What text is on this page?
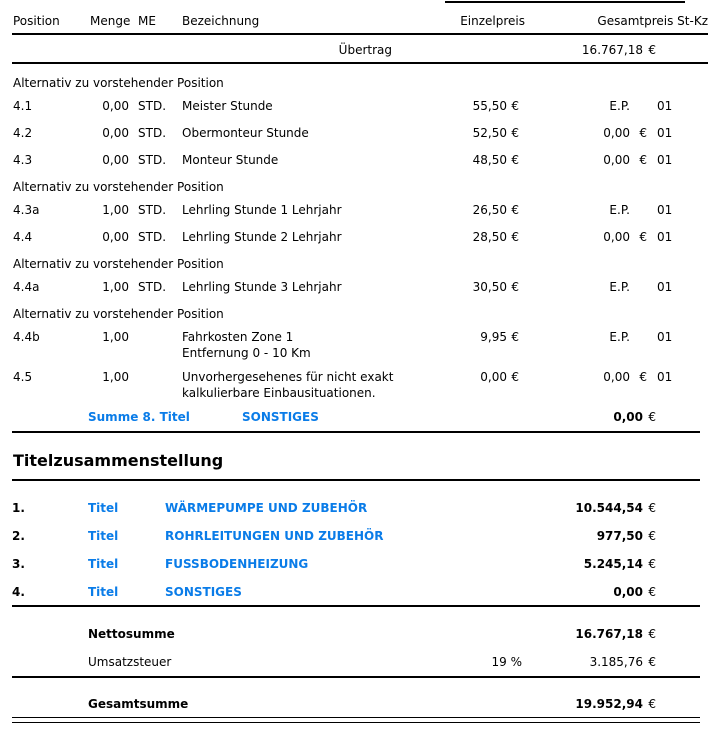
Position	Menge ME	Bezeichnung	Einzelpreis	Gesamtpreis St-Kz
Übertrag	16.767,18 €
Alternativ zu vorstehender Position
4.1	0,00 STD.	Meister Stunde	55,50 €	E.P.	01
4.2	0,00 STD.	Obermonteur Stunde	52,50 €	0,00 € 01
4.3	0,00 STD.	Monteur Stunde	48,50 €	0,00 € 01
Alternativ zu vorstehender Position
4.3a	1,00 STD.	Lehrling Stunde 1 Lehrjahr	26,50 €	E.P.	01
4.4	0,00 STD.	Lehrling Stunde 2 Lehrjahr	28,50 €	0,00 € 01
Alternativ zu vorstehender Position
4.4a	1,00 STD.	Lehrling Stunde 3 Lehrjahr	30,50 €	E.P.	01
Alternativ zu vorstehender Position
4.4b	1,00	Fahrkosten Zone 1
Entfernung 0 - 10 Km
9,95 €	E.P.	01
4.5	1,00	Unvorhergesehenes für nicht exakt
kalkulierbare Einbausituationen.
0,00 €	0,00 € 01
Summe 8. Titel	SONSTIGES	0,00 €
Titelzusammenstellung
1.	Titel	WÄRMEPUMPE UND ZUBEHÖR	10.544,54 €
2.	Titel	ROHRLEITUNGEN UND ZUBEHÖR	977,50 €
3.	Titel	FUSSBODENHEIZUNG	5.245,14 €
4.	Titel	SONSTIGES	0,00 €
Nettosumme	16.767,18 €
Umsatzsteuer	19 %	3.185,76 €
Gesamtsumme	19.952,94 €
